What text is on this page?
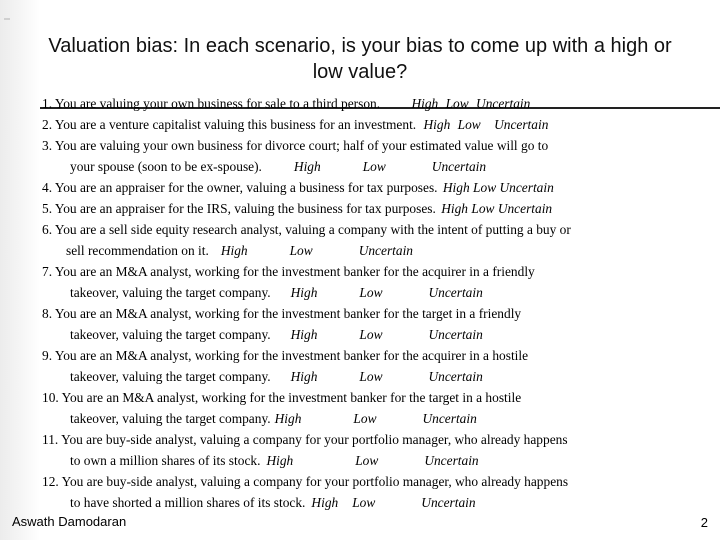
Valuation bias: In each scenario, is your bias to come up with a high or low value?
1. You are valuing your own business for sale to a third person. High Low Uncertain
2. You are a venture capitalist valuing this business for an investment. High Low Uncertain
3. You are valuing your own business for divorce court; half of your estimated value will go to
your spouse (soon to be ex-spouse). High	Low	Uncertain
4. You are an appraiser for the owner, valuing a business for tax purposes. High Low Uncertain
5. You are an appraiser for the IRS, valuing the business for tax purposes. High Low Uncertain
6. You are a sell side equity research analyst, valuing a company with the intent of putting a buy or
sell recommendation on it. High	Low	Uncertain
7. You are an M&A analyst, working for the investment banker for the acquirer in a friendly
takeover, valuing the target company. High	Low	Uncertain
8. You are an M&A analyst, working for the investment banker for the target in a friendly
takeover, valuing the target company. High	Low	Uncertain
9. You are an M&A analyst, working for the investment banker for the acquirer in a hostile
takeover, valuing the target company. High	Low	Uncertain
10. You are an M&A analyst, working for the investment banker for the target in a hostile
takeover, valuing the target company. High	Low	Uncertain
11. You are buy-side analyst, valuing a company for your portfolio manager, who already happens
to own a million shares of its stock. High	Low	Uncertain
12. You are buy-side analyst, valuing a company for your portfolio manager, who already happens
to have shorted a million shares of its stock. High Low	Uncertain
Aswath Damodaran	2
